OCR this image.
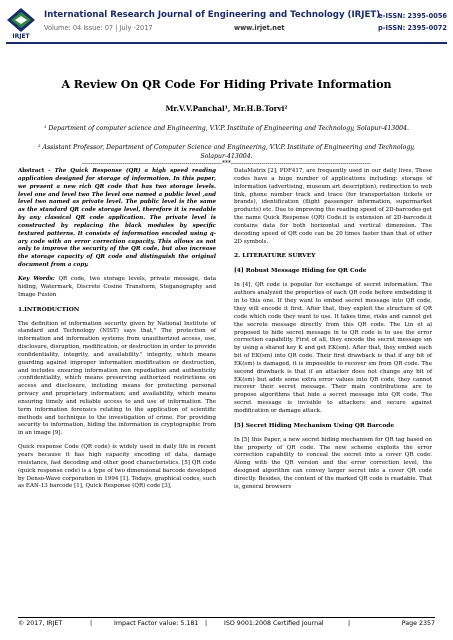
IRJET
International Research Journal of Engineering and Technology (IRJET)
Volume: 04 Issue: 07 | July -2017	www.irjet.net
e-ISSN: 2395-0056
p-ISSN: 2395-0072
A Review On QR Code For Hiding Private Information
Mr.V.V.Panchal¹, Mr.H.B.Torvi²
¹ Department of computer science and Engineering, V.V.P. Institute of Engineering and Technology, Solapur-413004.
² Assistant Professor, Department of Computer Science and Engineering, V.V.P. Institute of Engineering and Technology, Solapur-413004.
---------------------------------------------------------------------***---------------------------------------------------------------------

Abstract - The Quick Response (QR) a high speed reading application designed for storage of information. In this paper, we present a new rich QR code that has two storage levels. level one and level two The level one named a public level ,and level two named as private level. The public level is the same as the standard QR code storage level, therefore it is readable by any classical QR code application. The private level is constructed by replacing the black modules by specific textured patterns. It consists of information encoded using q-ary code with an error correction capacity. This allows as not only to improve the security of the QR code, but also increase the storage capacity of QR code and distinguish the original document from a copy.

Key Words: QR code, two storage levels, private message, data hiding, Watermark, Discrete Cosine Transform, Steganography and Image Fusion

1.INTRODUCTION

The definition of information security given by National Institute of standard and Technology (NIST) says that," The protection of information and information systems from unauthorized access, use, disclosure, disruption, modification, or destruction in order to provide confidentiality, integrity, and availability." integrity, which means guarding against improper information modification or destruction, and includes ensuring information non repudiation and authenticity ;confidentiality, which means preserving authorized restrictions on access and disclosure, including means for protecting personal privacy and proprietary information; and availability, which means ensuring timely and reliable access to and use of information. The term information forensics relating to the application of scientific methods and technique to the investigation of crime. For providing security to information, hiding the information in cryptographic from in an image [9].

Quick response Code (QR code) is widely used in daily life in recent years because it has high capacity encoding of data, damage resistance, fast decoding and other good characteristics. [5] QR code (quick response code) is a type of two dimensional barcode developed by Denso-Wave corporation in 1994 [1]. Todays, graphical codes, such as EAN-13 barcode [1], Quick Response (QR) code [3],

DataMatrix [2], PDF417, are frequently used in our daily lives. These codes have a huge number of applications including: storage of information (advertising, museum art description), redirection to web link, phone number track and trace (for transportation tickets or brands), identification (flight passenger information, supermarket products) etc. Due to improving the reading speed of 2D-barcodes get the name Quick Response (QR) Code.it is extension of 2D-barcode.it contains data for both horizontal and vertical dimension. The decoding speed of QR code can be 20 times faster than that of other 2D symbols.

2. LITERATURE SURVEY
[4] Robust Message Hiding for QR Code

In [4], QR code is popular for exchange of secret information. The authors analyzed the properties of each QR code before embedding it in to this one. If they want to embed secret message into QR code, they will encode it first. After that, they exploit the structure of QR code which code they want to use. It takes time, risks and cannot get the secrete message directly from this QR code. The Lin et al proposed to hide secret message in to QR code is to use the error correction capability. First of all, they encode the secret message sm by using a shared key K and get EK(sm). After that, they embed each bit of EK(sm) into QR code. Their first drawback is that if any bit of EK(sm) is damaged, it is impossible to recover sm from QR code. The second drawback is that if an attacker does not change any bit of EK(sm) but adds some extra error values into QR code, they cannot recover their secret message. Their main contributions are to propose algorithms that hide a secret message into QR code. The secret message is invisible to attackers and secure against modification or damage attack.

[5] Secret Hiding Mechanism Using QR Barcode

In [5] this Paper, a new secret hiding mechanism for QR tag based on the property of QR code. The new scheme exploits the error correction capability to conceal the secret into a cover QR code. Along with the QR version and the error correction level, the designed algorithm can convey larger secret into a cover QR code directly. Besides, the content of the marked QR code is readable. That is, general browsers

© 2017, IRJET	|	Impact Factor value: 5.181 |	ISO 9001:2008 Certified Journal	|	Page 2357
